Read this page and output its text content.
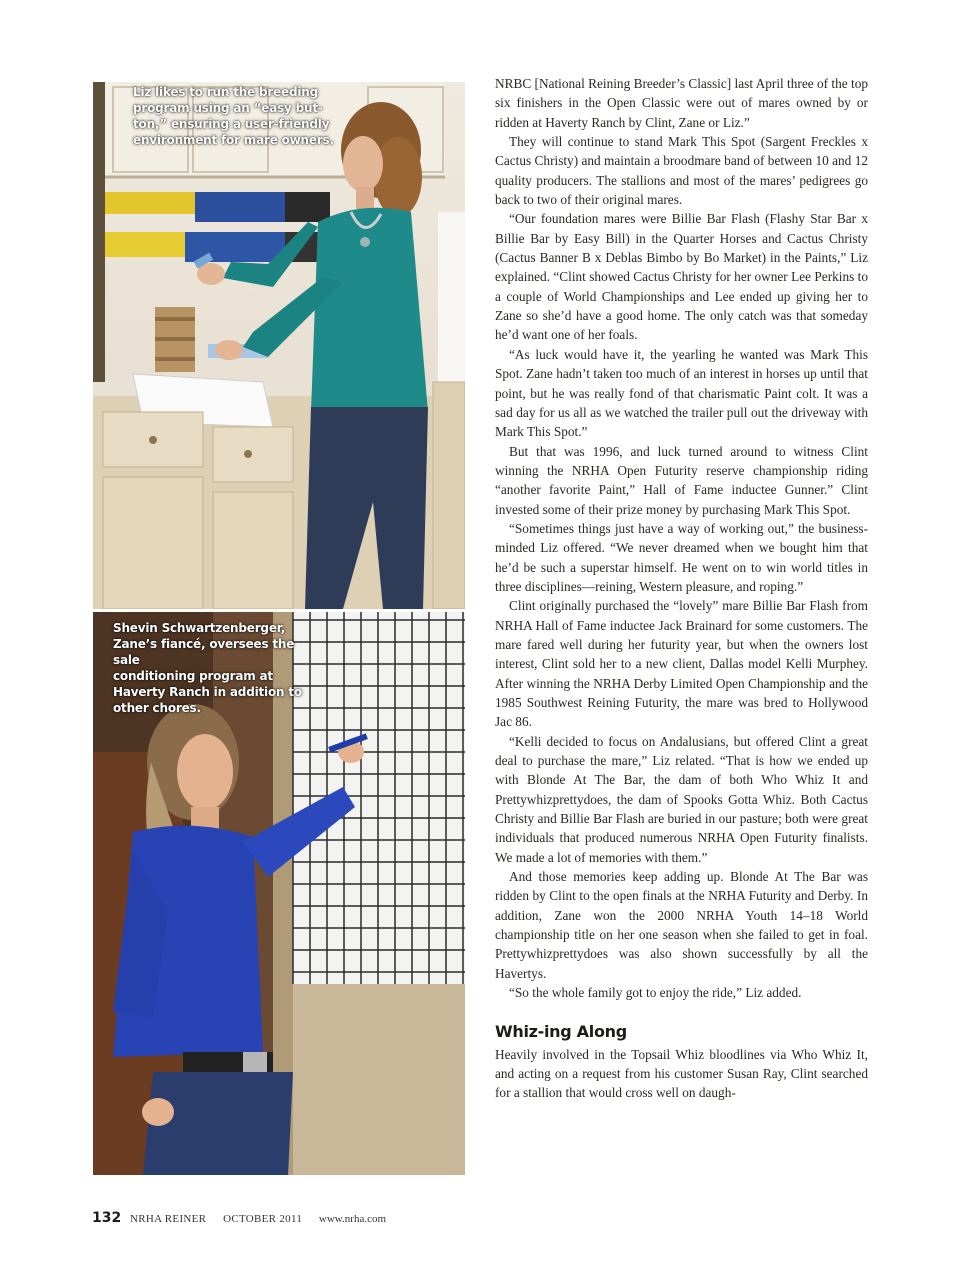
Liz likes to run the breeding
program using an “easy but-
ton,” ensuring a user-friendly
environment for mare owners.
Shevin Schwartzenberger,
Zane’s fiancé, oversees the sale
conditioning program at
Haverty Ranch in addition to
other chores.

NRBC [National Reining Breeder’s Classic] last April three of the top six finishers in the Open Classic were out of mares owned by or ridden at Haverty Ranch by Clint, Zane or Liz.”

They will continue to stand Mark This Spot (Sargent Freckles x Cactus Christy) and maintain a broodmare band of between 10 and 12 quality producers. The stallions and most of the mares’ pedigrees go back to two of their original mares.

“Our foundation mares were Billie Bar Flash (Flashy Star Bar x Billie Bar by Easy Bill) in the Quarter Horses and Cactus Christy (Cactus Banner B x Deblas Bimbo by Bo Market) in the Paints,” Liz explained. “Clint showed Cactus Christy for her owner Lee Perkins to a couple of World Championships and Lee ended up giving her to Zane so she’d have a good home. The only catch was that someday he’d want one of her foals.

“As luck would have it, the yearling he wanted was Mark This Spot. Zane hadn’t taken too much of an interest in horses up until that point, but he was really fond of that charismatic Paint colt. It was a sad day for us all as we watched the trailer pull out the driveway with Mark This Spot.”

But that was 1996, and luck turned around to witness Clint winning the NRHA Open Futurity reserve championship riding “another favorite Paint,” Hall of Fame inductee Gunner.” Clint invested some of their prize money by purchasing Mark This Spot.

“Sometimes things just have a way of working out,” the business-minded Liz offered. “We never dreamed when we bought him that he’d be such a superstar himself. He went on to win world titles in three disciplines—reining, Western pleasure, and roping.”

Clint originally purchased the “lovely” mare Billie Bar Flash from NRHA Hall of Fame inductee Jack Brainard for some customers. The mare fared well during her futurity year, but when the owners lost interest, Clint sold her to a new client, Dallas model Kelli Murphey. After winning the NRHA Derby Limited Open Championship and the 1985 Southwest Reining Futurity, the mare was bred to Hollywood Jac 86.

“Kelli decided to focus on Andalusians, but offered Clint a great deal to purchase the mare,” Liz related. “That is how we ended up with Blonde At The Bar, the dam of both Who Whiz It and Prettywhizprettydoes, the dam of Spooks Gotta Whiz. Both Cactus Christy and Billie Bar Flash are buried in our pasture; both were great individuals that produced numerous NRHA Open Futurity finalists. We made a lot of memories with them.”

And those memories keep adding up. Blonde At The Bar was ridden by Clint to the open finals at the NRHA Futurity and Derby. In addition, Zane won the 2000 NRHA Youth 14–18 World championship title on her one season when she failed to get in foal. Prettywhizprettydoes was also shown successfully by all the Havertys.

“So the whole family got to enjoy the ride,” Liz added.

Whiz-ing Along

Heavily involved in the Topsail Whiz bloodlines via Who Whiz It, and acting on a request from his customer Susan Ray, Clint searched for a stallion that would cross well on daugh-

132 NRHA REINER OCTOBER 2011 www.nrha.com
